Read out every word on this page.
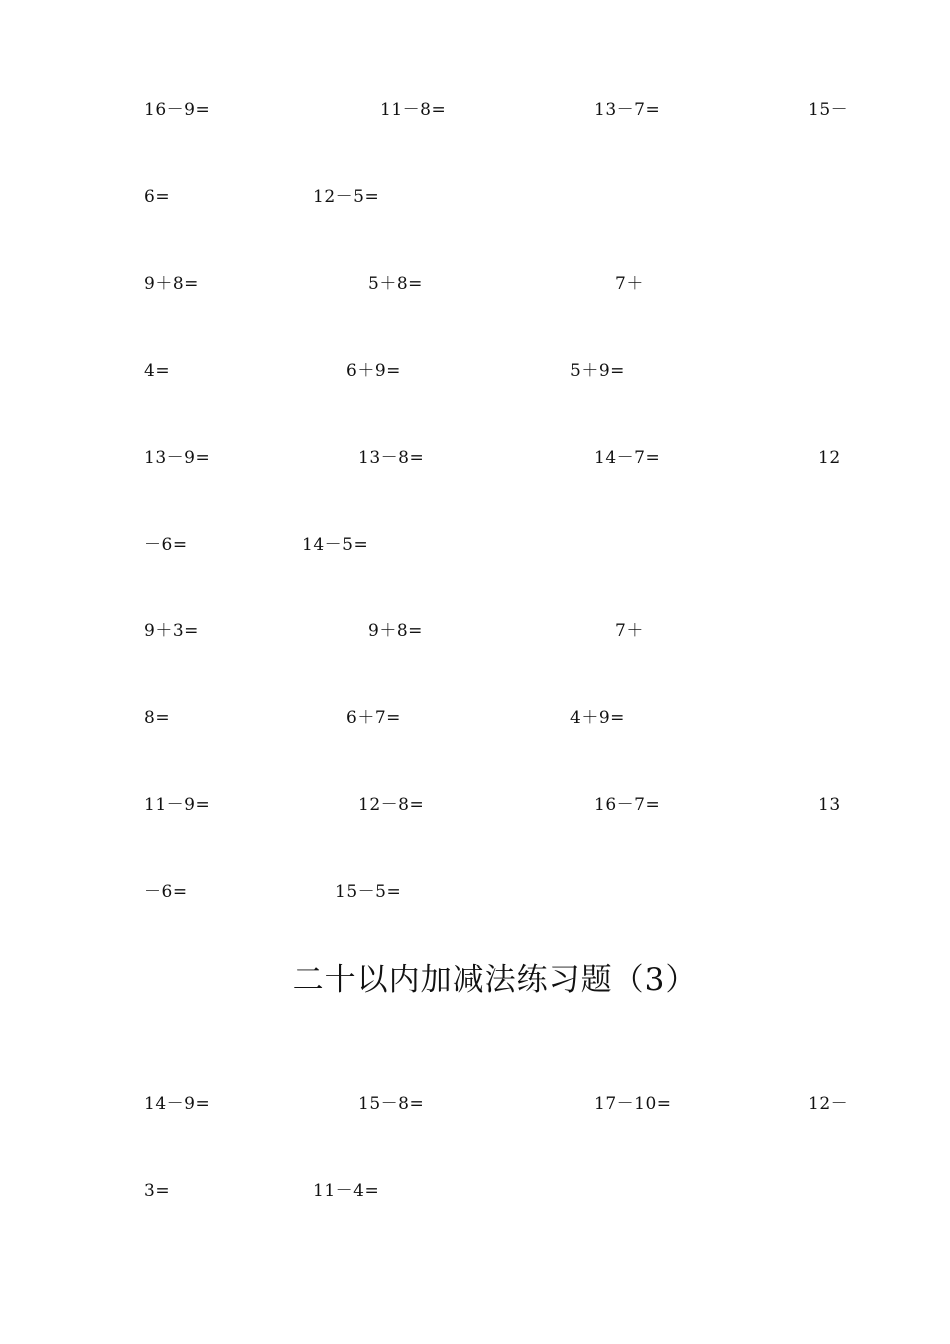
16－9=	11－8=	13－7=	15－
6=	12－5=
9＋8=	5＋8=	7＋
4=	6＋9=	5＋9=
13－9=	13－8=	14－7=	12
－6=	14－5=
9＋3=	9＋8=	7＋
8=	6＋7=	4＋9=
11－9=	12－8=	16－7=	13
－6=	15－5=
二十以内加减法练习题（3）
14－9=	15－8=	17－10=	12－
3=	11－4=
